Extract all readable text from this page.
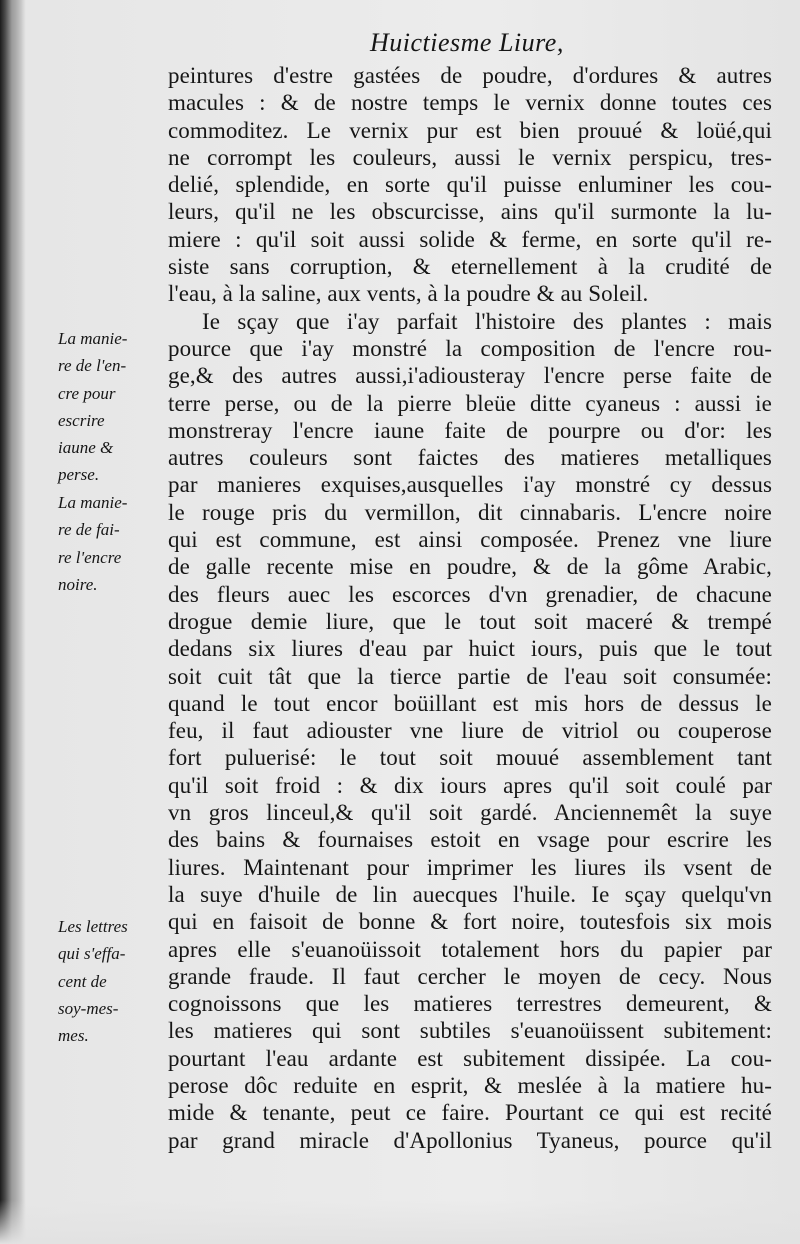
Huictiesme Liure,
peintures d'estre gastées de poudre, d'ordures & autres
macules : & de nostre temps le vernix donne toutes ces
commoditez. Le vernix pur est bien prouué & loüé,qui
ne corrompt les couleurs, aussi le vernix perspicu, tres-
delié, splendide, en sorte qu'il puisse enluminer les cou-
leurs, qu'il ne les obscurcisse, ains qu'il surmonte la lu-
miere : qu'il soit aussi solide & ferme, en sorte qu'il re-
siste sans corruption, & eternellement à la crudité de
l'eau, à la saline, aux vents, à la poudre & au Soleil.
Ie sçay que i'ay parfait l'histoire des plantes : mais
pource que i'ay monstré la composition de l'encre rou-
ge,& des autres aussi,i'adiousteray l'encre perse faite de
terre perse, ou de la pierre bleüe ditte cyaneus : aussi ie
monstreray l'encre iaune faite de pourpre ou d'or: les
autres couleurs sont faictes des matieres metalliques
par manieres exquises,ausquelles i'ay monstré cy dessus
le rouge pris du vermillon, dit cinnabaris. L'encre noire
qui est commune, est ainsi composée. Prenez vne liure
de galle recente mise en poudre, & de la gôme Arabic,
des fleurs auec les escorces d'vn grenadier, de chacune
drogue demie liure, que le tout soit maceré & trempé
dedans six liures d'eau par huict iours, puis que le tout
soit cuit tât que la tierce partie de l'eau soit consumée:
quand le tout encor boüillant est mis hors de dessus le
feu, il faut adiouster vne liure de vitriol ou couperose
fort puluerisé: le tout soit mouué assemblement tant
qu'il soit froid : & dix iours apres qu'il soit coulé par
vn gros linceul,& qu'il soit gardé. Anciennemêt la suye
des bains & fournaises estoit en vsage pour escrire les
liures. Maintenant pour imprimer les liures ils vsent de
la suye d'huile de lin auecques l'huile. Ie sçay quelqu'vn
qui en faisoit de bonne & fort noire, toutesfois six mois
apres elle s'euanoüissoit totalement hors du papier par
grande fraude. Il faut cercher le moyen de cecy. Nous
cognoissons que les matieres terrestres demeurent, &
les matieres qui sont subtiles s'euanoüissent subitement:
pourtant l'eau ardante est subitement dissipée. La cou-
perose dôc reduite en esprit, & meslée à la matiere hu-
mide & tenante, peut ce faire. Pourtant ce qui est recité
par grand miracle d'Apollonius Tyaneus, pource qu'il
La manie-
re de l'en-
cre pour
escrire
iaune &
perse.
La manie-
re de fai-
re l'encre
noire.
Les lettres
qui s'effa-
cent de
soy-mes-
mes.
